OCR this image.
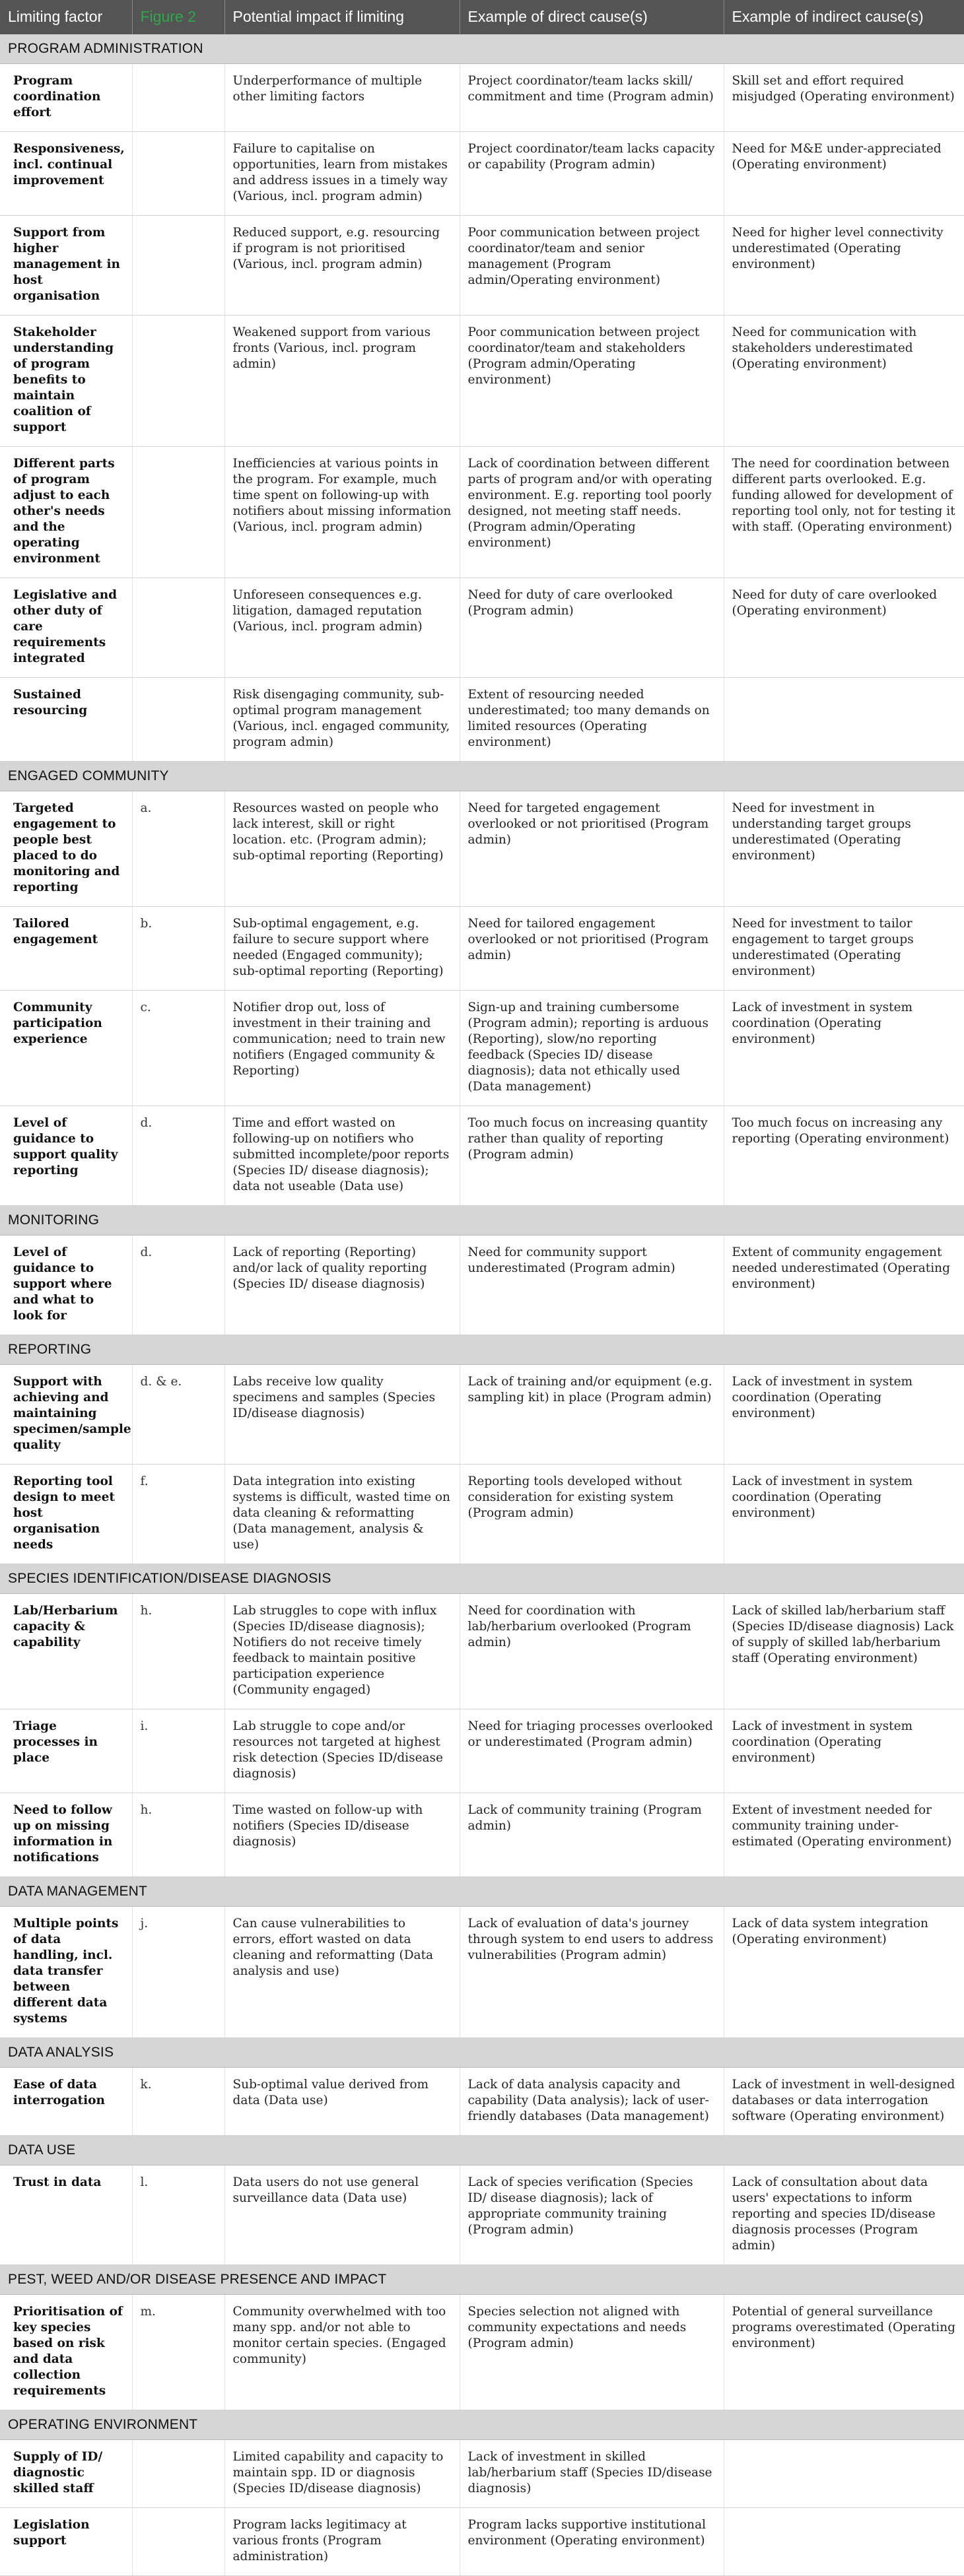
Limiting factor	Figure 2	Potential impact if limiting	Example of direct cause(s)	Example of indirect cause(s)
PROGRAM ADMINISTRATION				
Program coordination effort		Underperformance of multiple other limiting factors	Project coordinator/team lacks skill/ commitment and time (Program admin)	Skill set and effort required misjudged (Operating environment)
Responsiveness, incl. continual improvement		Failure to capitalise on opportunities, learn from mistakes and address issues in a timely way (Various, incl. program admin)	Project coordinator/team lacks capacity or capability (Program admin)	Need for M&E under-appreciated (Operating environment)
Support from higher management in host organisation		Reduced support, e.g. resourcing if program is not prioritised (Various, incl. program admin)	Poor communication between project coordinator/team and senior management (Program admin/Operating environment)	Need for higher level connectivity underestimated (Operating environment)
Stakeholder understanding of program benefits to maintain coalition of support		Weakened support from various fronts (Various, incl. program admin)	Poor communication between project coordinator/team and stakeholders (Program admin/Operating environment)	Need for communication with stakeholders underestimated (Operating environment)
Different parts of program adjust to each other's needs and the operating environment		Inefficiencies at various points in the program. For example, much time spent on following-up with notifiers about missing information (Various, incl. program admin)	Lack of coordination between different parts of program and/or with operating environment. E.g. reporting tool poorly designed, not meeting staff needs. (Program admin/Operating environment)	The need for coordination between different parts overlooked. E.g. funding allowed for development of reporting tool only, not for testing it with staff. (Operating environment)
Legislative and other duty of care requirements integrated		Unforeseen consequences e.g. litigation, damaged reputation (Various, incl. program admin)	Need for duty of care overlooked (Program admin)	Need for duty of care overlooked (Operating environment)
Sustained resourcing		Risk disengaging community, sub-optimal program management (Various, incl. engaged community, program admin)	Extent of resourcing needed underestimated; too many demands on limited resources (Operating environment)	
ENGAGED COMMUNITY				
Targeted engagement to people best placed to do monitoring and reporting	a.	Resources wasted on people who lack interest, skill or right location. etc. (Program admin); sub-optimal reporting (Reporting)	Need for targeted engagement overlooked or not prioritised (Program admin)	Need for investment in understanding target groups underestimated (Operating environment)
Tailored engagement	b.	Sub-optimal engagement, e.g. failure to secure support where needed (Engaged community); sub-optimal reporting (Reporting)	Need for tailored engagement overlooked or not prioritised (Program admin)	Need for investment to tailor engagement to target groups underestimated (Operating environment)
Community participation experience	c.	Notifier drop out, loss of investment in their training and communication; need to train new notifiers (Engaged community & Reporting)	Sign-up and training cumbersome (Program admin); reporting is arduous (Reporting), slow/no reporting feedback (Species ID/ disease diagnosis); data not ethically used (Data management)	Lack of investment in system coordination (Operating environment)
Level of guidance to support quality reporting	d.	Time and effort wasted on following-up on notifiers who submitted incomplete/poor reports (Species ID/ disease diagnosis); data not useable (Data use)	Too much focus on increasing quantity rather than quality of reporting (Program admin)	Too much focus on increasing any reporting (Operating environment)
MONITORING				
Level of guidance to support where and what to look for	d.	Lack of reporting (Reporting) and/or lack of quality reporting (Species ID/ disease diagnosis)	Need for community support underestimated (Program admin)	Extent of community engagement needed underestimated (Operating environment)
REPORTING				
Support with achieving and maintaining specimen/sample quality	d. & e.	Labs receive low quality specimens and samples (Species ID/disease diagnosis)	Lack of training and/or equipment (e.g. sampling kit) in place (Program admin)	Lack of investment in system coordination (Operating environment)
Reporting tool design to meet host organisation needs	f.	Data integration into existing systems is difficult, wasted time on data cleaning & reformatting (Data management, analysis & use)	Reporting tools developed without consideration for existing system (Program admin)	Lack of investment in system coordination (Operating environment)
SPECIES IDENTIFICATION/DISEASE DIAGNOSIS				
Lab/Herbarium capacity & capability	h.	Lab struggles to cope with influx (Species ID/disease diagnosis); Notifiers do not receive timely feedback to maintain positive participation experience (Community engaged)	Need for coordination with lab/herbarium overlooked (Program admin)	Lack of skilled lab/herbarium staff (Species ID/disease diagnosis) Lack of supply of skilled lab/herbarium staff (Operating environment)
Triage processes in place	i.	Lab struggle to cope and/or resources not targeted at highest risk detection (Species ID/disease diagnosis)	Need for triaging processes overlooked or underestimated (Program admin)	Lack of investment in system coordination (Operating environment)
Need to follow up on missing information in notifications	h.	Time wasted on follow-up with notifiers (Species ID/disease diagnosis)	Lack of community training (Program admin)	Extent of investment needed for community training under-estimated (Operating environment)
DATA MANAGEMENT				
Multiple points of data handling, incl. data transfer between different data systems	j.	Can cause vulnerabilities to errors, effort wasted on data cleaning and reformatting (Data analysis and use)	Lack of evaluation of data's journey through system to end users to address vulnerabilities (Program admin)	Lack of data system integration (Operating environment)
DATA ANALYSIS				
Ease of data interrogation	k.	Sub-optimal value derived from data (Data use)	Lack of data analysis capacity and capability (Data analysis); lack of user-friendly databases (Data management)	Lack of investment in well-designed databases or data interrogation software (Operating environment)
DATA USE				
Trust in data	l.	Data users do not use general surveillance data (Data use)	Lack of species verification (Species ID/ disease diagnosis); lack of appropriate community training (Program admin)	Lack of consultation about data users' expectations to inform reporting and species ID/disease diagnosis processes (Program admin)
PEST, WEED AND/OR DISEASE PRESENCE AND IMPACT				
Prioritisation of key species based on risk and data collection requirements	m.	Community overwhelmed with too many spp. and/or not able to monitor certain species. (Engaged community)	Species selection not aligned with community expectations and needs (Program admin)	Potential of general surveillance programs overestimated (Operating environment)
OPERATING ENVIRONMENT				
Supply of ID/ diagnostic skilled staff		Limited capability and capacity to maintain spp. ID or diagnosis (Species ID/disease diagnosis)	Lack of investment in skilled lab/herbarium staff (Species ID/disease diagnosis)	
Legislation support		Program lacks legitimacy at various fronts (Program administration)	Program lacks supportive institutional environment (Operating environment)	
